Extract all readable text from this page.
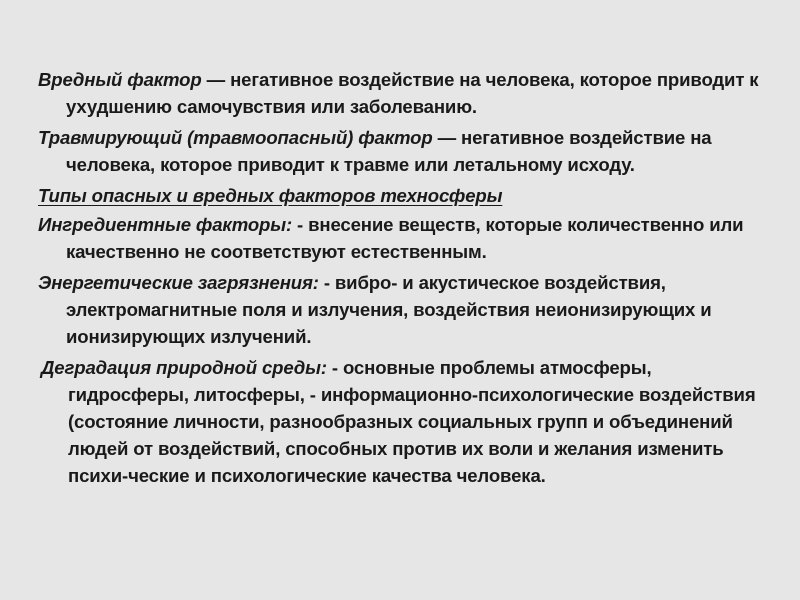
Вредный фактор — негативное воздействие на человека, которое приводит к ухудшению самочувствия или заболеванию.

Травмирующий (травмоопасный) фактор — негативное воздействие на человека, которое приводит к травме или летальному исходу.

Типы опасных и вредных факторов техносферы

Ингредиентные факторы: - внесение веществ, которые количественно или качественно не соответствуют естественным.

Энергетические загрязнения: - вибро- и акустическое воздействия, электромагнитные поля и излучения, воздействия неионизирующих и ионизирующих излучений.

Деградация природной среды: - основные проблемы атмосферы, гидросферы, литосферы, - информационно-психологические воздействия (состояние личности, разнообразных социальных групп и объединений людей от воздействий, способных против их воли и желания изменить психи-ческие и психологические качества человека.
